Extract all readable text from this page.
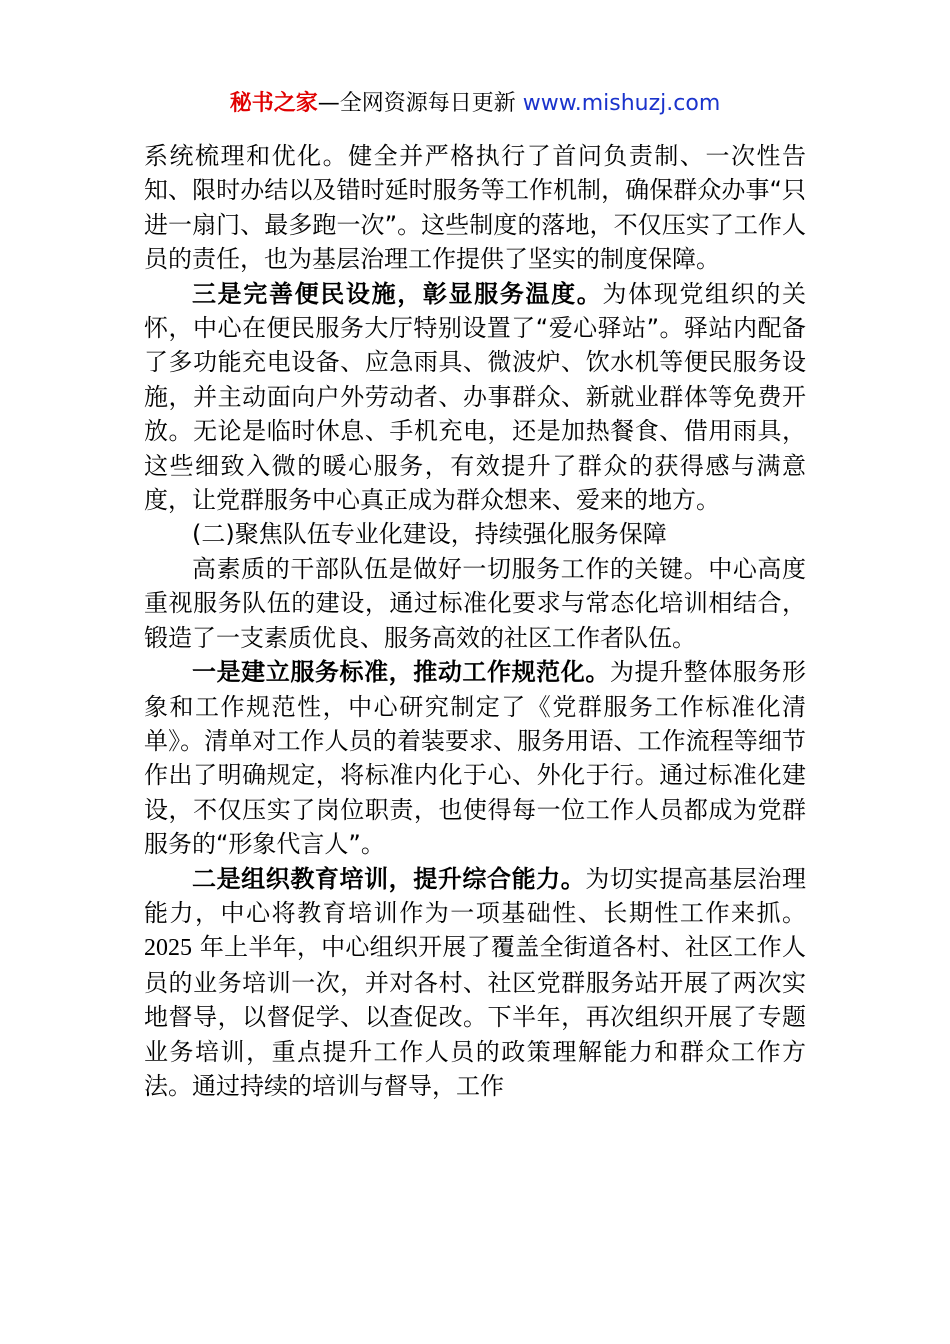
秘书之家—全网资源每日更新 www.mishuzj.com

系统梳理和优化。健全并严格执行了首问负责制、一次性告知、限时办结以及错时延时服务等工作机制，确保群众办事“只进一扇门、最多跑一次”。这些制度的落地，不仅压实了工作人员的责任，也为基层治理工作提供了坚实的制度保障。

三是完善便民设施，彰显服务温度。为体现党组织的关怀，中心在便民服务大厅特别设置了“爱心驿站”。驿站内配备了多功能充电设备、应急雨具、微波炉、饮水机等便民服务设施，并主动面向户外劳动者、办事群众、新就业群体等免费开放。无论是临时休息、手机充电，还是加热餐食、借用雨具，这些细致入微的暖心服务，有效提升了群众的获得感与满意度，让党群服务中心真正成为群众想来、爱来的地方。

(二)聚焦队伍专业化建设，持续强化服务保障

高素质的干部队伍是做好一切服务工作的关键。中心高度重视服务队伍的建设，通过标准化要求与常态化培训相结合，锻造了一支素质优良、服务高效的社区工作者队伍。

一是建立服务标准，推动工作规范化。为提升整体服务形象和工作规范性，中心研究制定了《党群服务工作标准化清单》。清单对工作人员的着装要求、服务用语、工作流程等细节作出了明确规定，将标准内化于心、外化于行。通过标准化建设，不仅压实了岗位职责，也使得每一位工作人员都成为党群服务的“形象代言人”。

二是组织教育培训，提升综合能力。为切实提高基层治理能力，中心将教育培训作为一项基础性、长期性工作来抓。2025 年上半年，中心组织开展了覆盖全街道各村、社区工作人员的业务培训一次，并对各村、社区党群服务站开展了两次实地督导，以督促学、以查促改。下半年，再次组织开展了专题业务培训，重点提升工作人员的政策理解能力和群众工作方法。通过持续的培训与督导，工作
